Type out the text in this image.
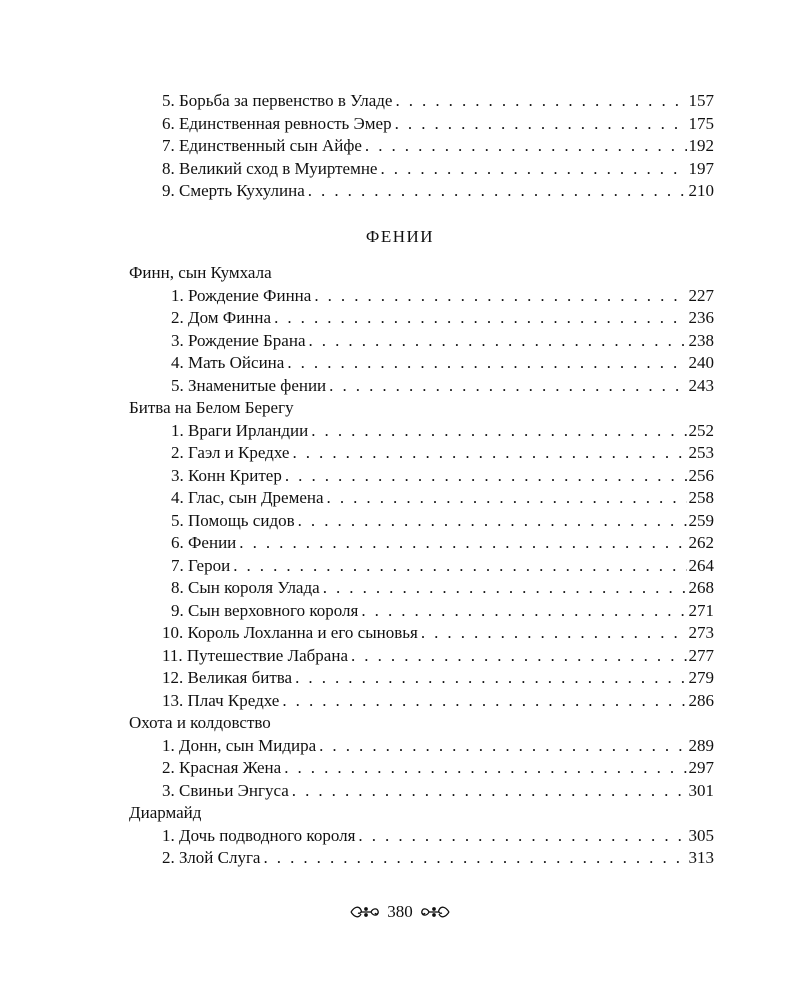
5. Борьба за первенство в Уладе . . .	157
6. Единственная ревность Эмер . . .	175
7. Единственный сын Айфе . . .	192
8. Великий сход в Муиртемне . . .	197
9. Смерть Кухулина . . .	210
ФЕНИИ
Финн, сын Кумхала
1. Рождение Финна . . .	227
2. Дом Финна . . .	236
3. Рождение Брана . . .	238
4. Мать Ойсина . . .	240
5. Знаменитые фении . . .	243
Битва на Белом Берегу
1. Враги Ирландии . . .	252
2. Гаэл и Кредхе . . .	253
3. Конн Критер . . .	256
4. Глас, сын Дремена . . .	258
5. Помощь сидов . . .	259
6. Фении . . .	262
7. Герои . . .	264
8. Сын короля Улада . . .	268
9. Сын верховного короля . . .	271
10. Король Лохланна и его сыновья . . .	273
11. Путешествие Лабрана . . .	277
12. Великая битва . . .	279
13. Плач Кредхе . . .	286
Охота и колдовство
1. Донн, сын Мидира . . .	289
2. Красная Жена . . .	297
3. Свиньи Энгуса . . .	301
Диармайд
1. Дочь подводного короля . . .	305
2. Злой Слуга . . .	313
380
